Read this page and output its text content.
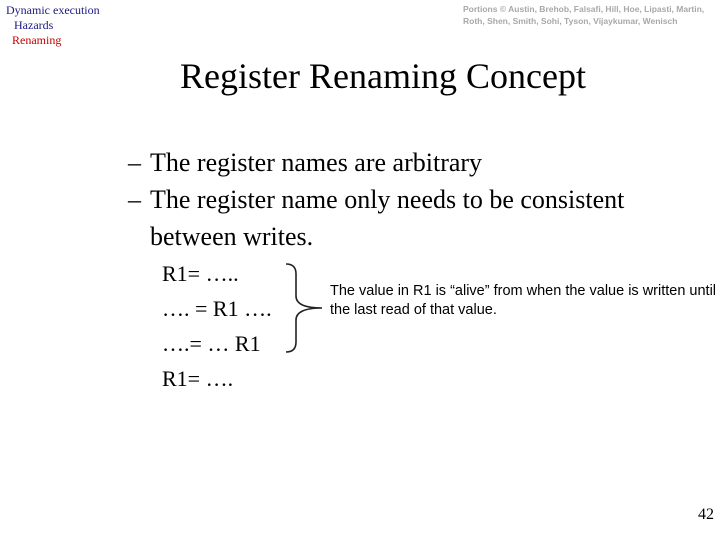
Dynamic execution
Hazards
Renaming
Portions © Austin, Brehob, Falsafi, Hill, Hoe, Lipasti, Martin, Roth, Shen, Smith, Sohi, Tyson, Vijaykumar, Wenisch
Register Renaming Concept
– The register names are arbitrary
– The register name only needs to be consistent between writes.
R1= …..
…. = R1 ….
….= … R1
R1= ….
The value in R1 is “alive” from when the value is written until the last read of that value.
42
